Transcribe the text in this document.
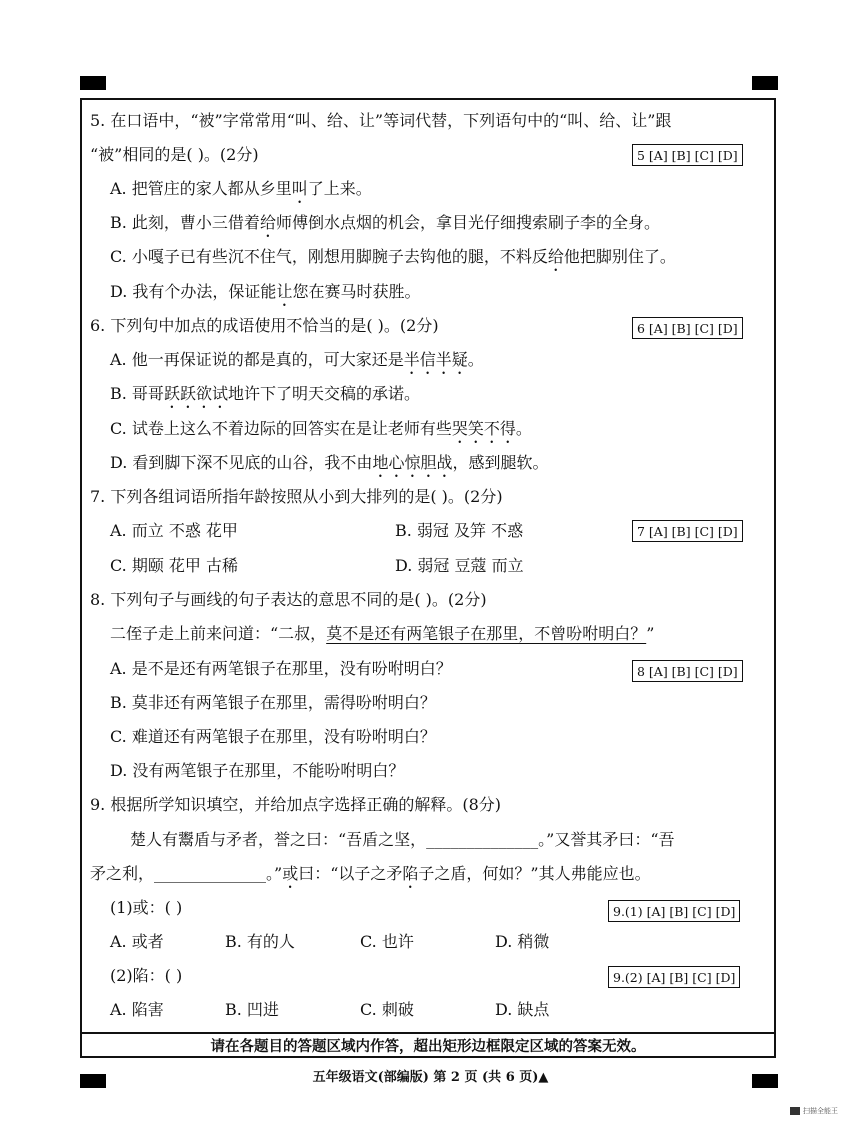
5. 在口语中，“被”字常常用“叫、给、让”等词代替，下列语句中的“叫、给、让”跟
“被”相同的是( )。(2分)	5 [A] [B] [C] [D]
A. 把管庄的家人都从乡里叫了上来。
B. 此刻，曹小三借着给师傅倒水点烟的机会，拿目光仔细搜索刷子李的全身。
C. 小嘎子已有些沉不住气，刚想用脚腕子去钩他的腿，不料反给他把脚别住了。
D. 我有个办法，保证能让您在赛马时获胜。
6. 下列句中加点的成语使用不恰当的是( )。(2分)	6 [A] [B] [C] [D]
A. 他一再保证说的都是真的，可大家还是半信半疑。
B. 哥哥跃跃欲试地许下了明天交稿的承诺。
C. 试卷上这么不着边际的回答实在是让老师有些哭笑不得。
D. 看到脚下深不见底的山谷，我不由地心惊胆战，感到腿软。
7. 下列各组词语所指年龄按照从小到大排列的是( )。(2分)
A. 而立 不惑 花甲	B. 弱冠 及笄 不惑	7 [A] [B] [C] [D]
C. 期颐 花甲 古稀	D. 弱冠 豆蔻 而立
8. 下列句子与画线的句子表达的意思不同的是( )。(2分)
二侄子走上前来问道：“二叔，莫不是还有两笔银子在那里，不曾吩咐明白？”
A. 是不是还有两笔银子在那里，没有吩咐明白？	8 [A] [B] [C] [D]
B. 莫非还有两笔银子在那里，需得吩咐明白？
C. 难道还有两笔银子在那里，没有吩咐明白？
D. 没有两笔银子在那里，不能吩咐明白？
9. 根据所学知识填空，并给加点字选择正确的解释。(8分)
楚人有鬻盾与矛者，誉之曰：“吾盾之坚，______________。”又誉其矛曰：“吾
矛之利，______________。”或曰：“以子之矛陷子之盾，何如？”其人弗能应也。
(1)或：( )	9.(1) [A] [B] [C] [D]
A. 或者	B. 有的人	C. 也许	D. 稍微
(2)陷：( )	9.(2) [A] [B] [C] [D]
A. 陷害	B. 凹进	C. 刺破	D. 缺点
请在各题目的答题区域内作答，超出矩形边框限定区域的答案无效。
五年级语文(部编版) 第 2 页 (共 6 页)▲
扫描全能王
